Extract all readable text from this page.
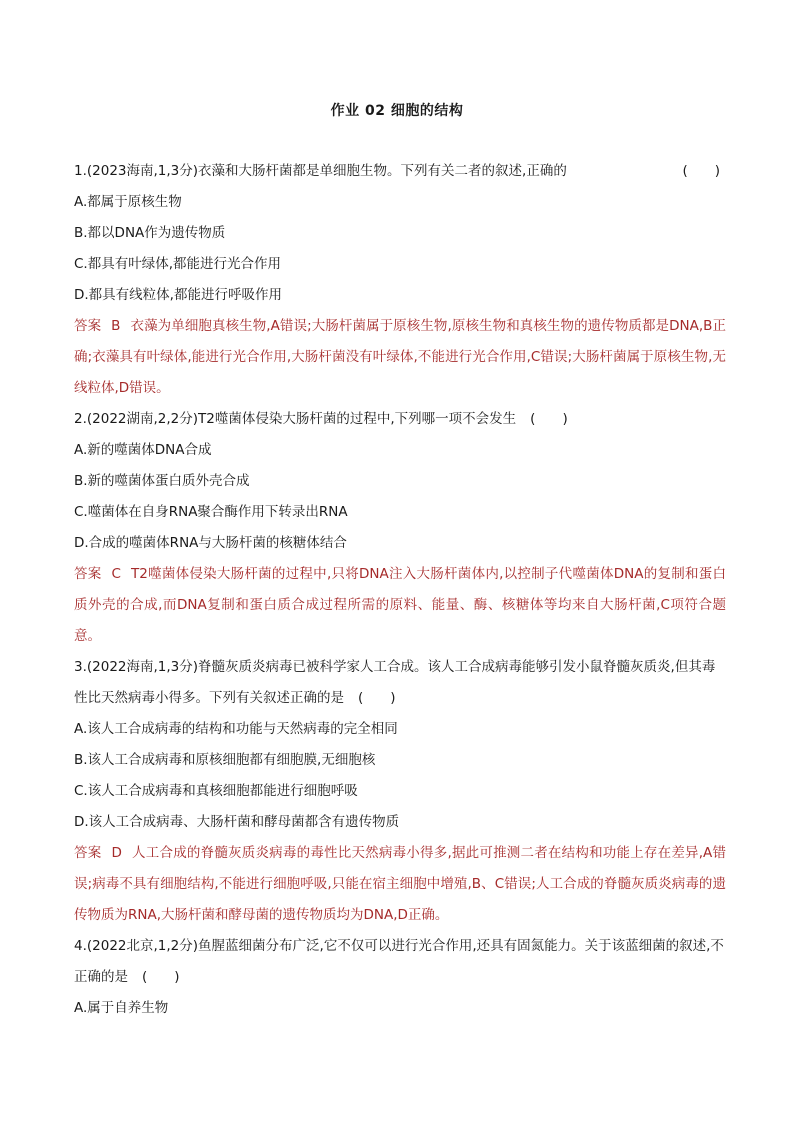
作业 02 细胞的结构
1.(2023海南,1,3分)衣藻和大肠杆菌都是单细胞生物。下列有关二者的叙述,正确的	(　　)
A.都属于原核生物
B.都以DNA作为遗传物质
C.都具有叶绿体,都能进行光合作用
D.都具有线粒体,都能进行呼吸作用
答案 B 衣藻为单细胞真核生物,A错误;大肠杆菌属于原核生物,原核生物和真核生物的遗传物质都是DNA,B正确;衣藻具有叶绿体,能进行光合作用,大肠杆菌没有叶绿体,不能进行光合作用,C错误;大肠杆菌属于原核生物,无线粒体,D错误。
2.(2022湖南,2,2分)T2噬菌体侵染大肠杆菌的过程中,下列哪一项不会发生 (　　)
A.新的噬菌体DNA合成
B.新的噬菌体蛋白质外壳合成
C.噬菌体在自身RNA聚合酶作用下转录出RNA
D.合成的噬菌体RNA与大肠杆菌的核糖体结合
答案 C T2噬菌体侵染大肠杆菌的过程中,只将DNA注入大肠杆菌体内,以控制子代噬菌体DNA的复制和蛋白质外壳的合成,而DNA复制和蛋白质合成过程所需的原料、能量、酶、核糖体等均来自大肠杆菌,C项符合题意。
3.(2022海南,1,3分)脊髓灰质炎病毒已被科学家人工合成。该人工合成病毒能够引发小鼠脊髓灰质炎,但其毒性比天然病毒小得多。下列有关叙述正确的是 (　　)
A.该人工合成病毒的结构和功能与天然病毒的完全相同
B.该人工合成病毒和原核细胞都有细胞膜,无细胞核
C.该人工合成病毒和真核细胞都能进行细胞呼吸
D.该人工合成病毒、大肠杆菌和酵母菌都含有遗传物质
答案 D 人工合成的脊髓灰质炎病毒的毒性比天然病毒小得多,据此可推测二者在结构和功能上存在差异,A错误;病毒不具有细胞结构,不能进行细胞呼吸,只能在宿主细胞中增殖,B、C错误;人工合成的脊髓灰质炎病毒的遗传物质为RNA,大肠杆菌和酵母菌的遗传物质均为DNA,D正确。
4.(2022北京,1,2分)鱼腥蓝细菌分布广泛,它不仅可以进行光合作用,还具有固氮能力。关于该蓝细菌的叙述,不正确的是 (　　)
A.属于自养生物
